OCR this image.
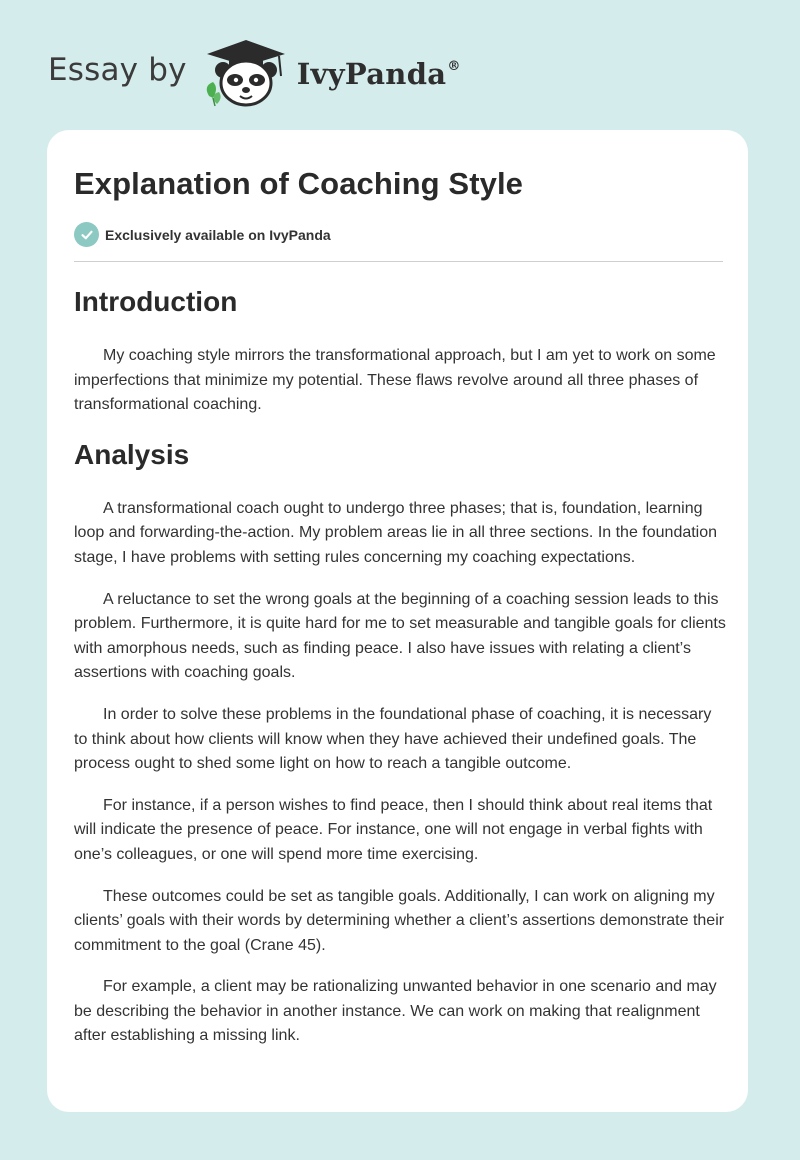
Essay by	IvyPanda®
Explanation of Coaching Style
Exclusively available on IvyPanda
Introduction

My coaching style mirrors the transformational approach, but I am yet to work on some imperfections that minimize my potential. These flaws revolve around all three phases of transformational coaching.

Analysis

A transformational coach ought to undergo three phases; that is, foundation, learning loop and forwarding-the-action. My problem areas lie in all three sections. In the foundation stage, I have problems with setting rules concerning my coaching expectations.

A reluctance to set the wrong goals at the beginning of a coaching session leads to this problem. Furthermore, it is quite hard for me to set measurable and tangible goals for clients with amorphous needs, such as finding peace. I also have issues with relating a client’s assertions with coaching goals.

In order to solve these problems in the foundational phase of coaching, it is necessary to think about how clients will know when they have achieved their undefined goals. The process ought to shed some light on how to reach a tangible outcome.

For instance, if a person wishes to find peace, then I should think about real items that will indicate the presence of peace. For instance, one will not engage in verbal fights with one’s colleagues, or one will spend more time exercising.

These outcomes could be set as tangible goals. Additionally, I can work on aligning my clients’ goals with their words by determining whether a client’s assertions demonstrate their commitment to the goal (Crane 45).

For example, a client may be rationalizing unwanted behavior in one scenario and may be describing the behavior in another instance. We can work on making that realignment after establishing a missing link.
